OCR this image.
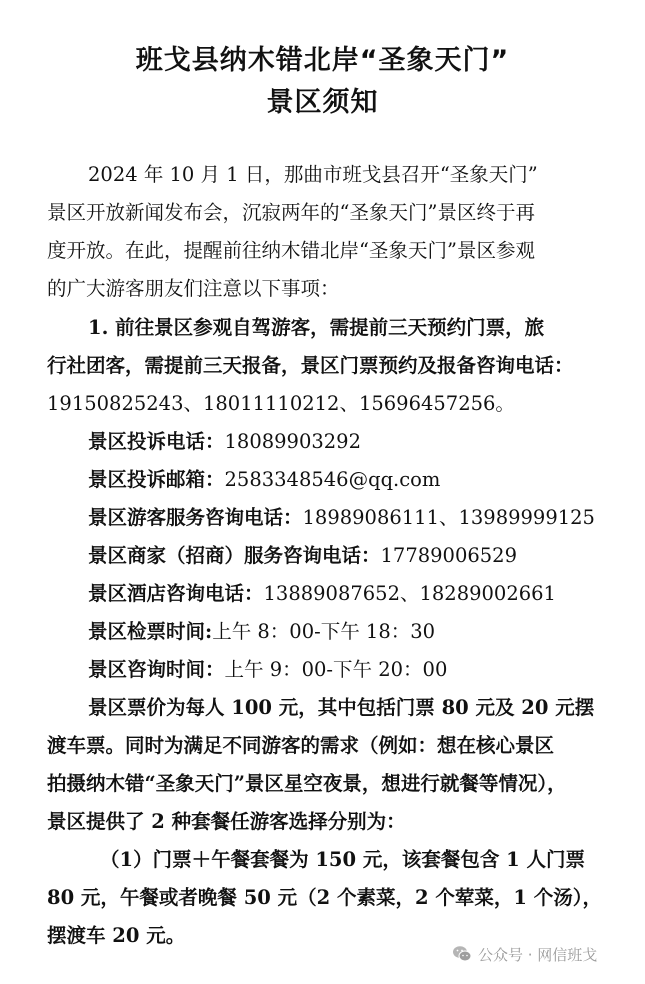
班戈县纳木错北岸“圣象天门”
景区须知
2024 年 10 月 1 日，那曲市班戈县召开“圣象天门”
景区开放新闻发布会，沉寂两年的“圣象天门”景区终于再
度开放。在此，提醒前往纳木错北岸“圣象天门”景区参观
的广大游客朋友们注意以下事项：
1. 前往景区参观自驾游客，需提前三天预约门票，旅
行社团客，需提前三天报备，景区门票预约及报备咨询电话：
19150825243、18011110212、15696457256。
景区投诉电话：18089903292
景区投诉邮箱：2583348546@qq.com
景区游客服务咨询电话：18989086111、13989999125
景区商家（招商）服务咨询电话：17789006529
景区酒店咨询电话：13889087652、18289002661
景区检票时间:上午 8：00-下午 18：30
景区咨询时间：上午 9：00-下午 20：00
景区票价为每人 100 元，其中包括门票 80 元及 20 元摆
渡车票。同时为满足不同游客的需求（例如：想在核心景区
拍摄纳木错“圣象天门”景区星空夜景，想进行就餐等情况），
景区提供了 2 种套餐任游客选择分别为：
（1）门票＋午餐套餐为 150 元，该套餐包含 1 人门票
80 元，午餐或者晚餐 50 元（2 个素菜，2 个荤菜，1 个汤），
摆渡车 20 元。
公众号 · 网信班戈
